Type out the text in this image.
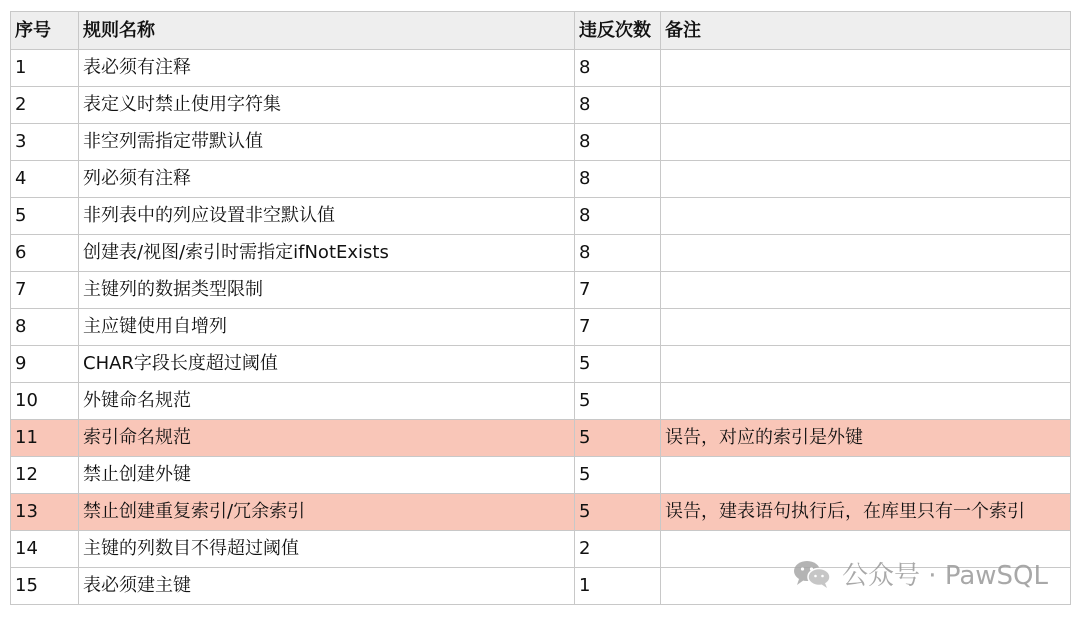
序号	规则名称	违反次数	备注
1	表必须有注释	8	
2	表定义时禁止使用字符集	8	
3	非空列需指定带默认值	8	
4	列必须有注释	8	
5	非列表中的列应设置非空默认值	8	
6	创建表/视图/索引时需指定ifNotExists	8	
7	主键列的数据类型限制	7	
8	主应键使用自增列	7	
9	CHAR字段长度超过阈值	5	
10	外键命名规范	5	
11	索引命名规范	5	误告，对应的索引是外键
12	禁止创建外键	5	
13	禁止创建重复索引/冗余索引	5	误告，建表语句执行后，在库里只有一个索引
14	主键的列数目不得超过阈值	2	
15	表必须建主键	1		公众号 · PawSQL
